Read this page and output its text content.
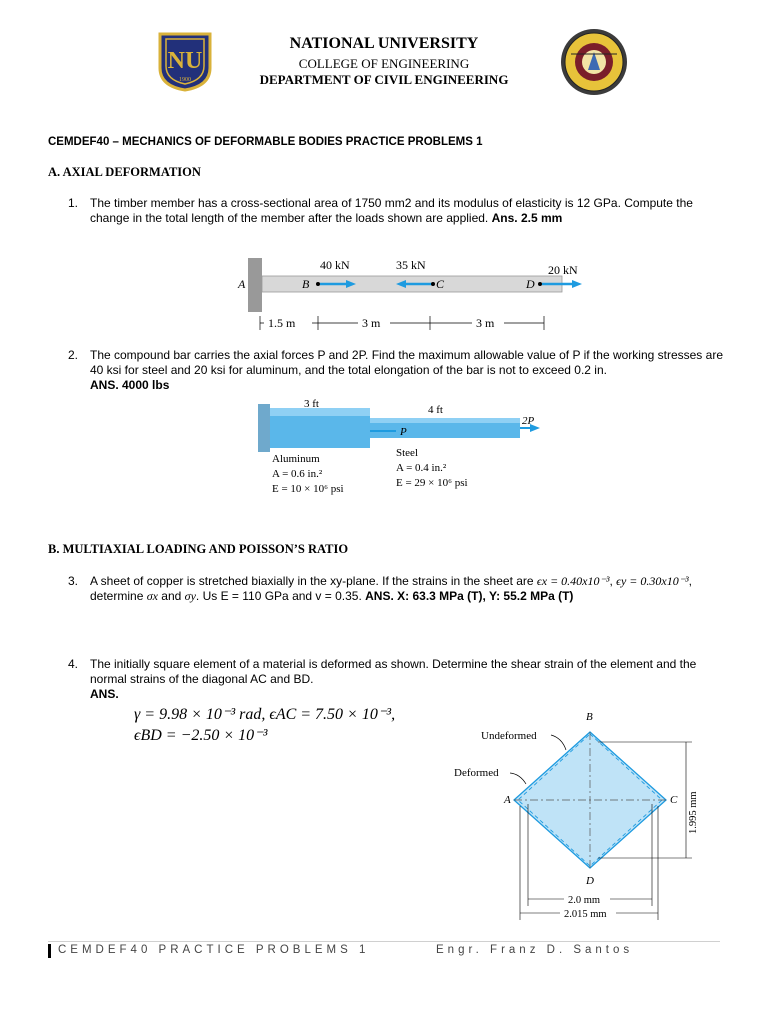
NU
1900
NATIONAL UNIVERSITY
COLLEGE OF ENGINEERING
DEPARTMENT OF CIVIL ENGINEERING
CEMDEF40 – MECHANICS OF DEFORMABLE BODIES PRACTICE PROBLEMS 1
A. AXIAL DEFORMATION
1. The timber member has a cross-sectional area of 1750 mm2 and its modulus of elasticity is 12 GPa. Compute the change in the total length of the member after the loads shown are applied. Ans. 2.5 mm
A	B
40 kN
C
35 kN
D
20 kN
1.5 m	3 m	3 m
2. The compound bar carries the axial forces P and 2P. Find the maximum allowable value of P if the working stresses are 40 ksi for steel and 20 ksi for aluminum, and the total elongation of the bar is not to exceed 0.2 in.
ANS. 4000 lbs
P
3 ft	4 ft
2P
Aluminum
A = 0.6 in.²
E = 10 × 10⁶ psi
Steel
A = 0.4 in.²
E = 29 × 10⁶ psi
B. MULTIAXIAL LOADING AND POISSON’S RATIO
3. A sheet of copper is stretched biaxially in the xy-plane. If the strains in the sheet are ϵx = 0.40x10⁻³, ϵy = 0.30x10⁻³,
determine σx and σy. Us E = 110 GPa and v = 0.35. ANS. X: 63.3 MPa (T), Y: 55.2 MPa (T)
4. The initially square element of a material is deformed as shown. Determine the shear strain of the element and the normal strains of the diagonal AC and BD.
ANS.
γ = 9.98 × 10⁻³ rad, ϵAC = 7.50 × 10⁻³,
ϵBD = −2.50 × 10⁻³
B
A	C
D
Undeformed
Deformed
1.995 mm
2.0 mm
2.015 mm
CEMDEF40 PRACTICE PROBLEMS 1	Engr. Franz D. Santos
